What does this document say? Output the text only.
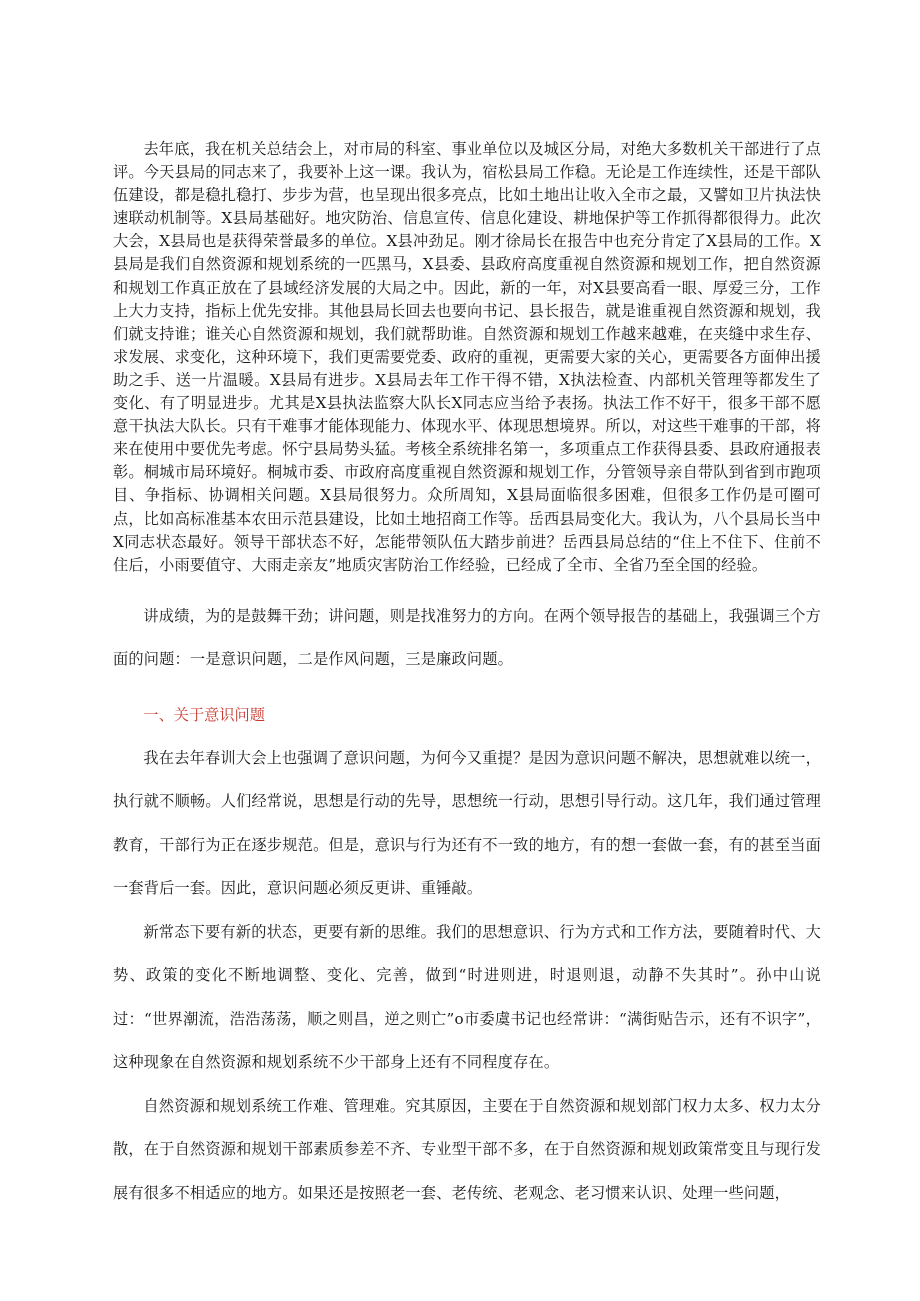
去年底，我在机关总结会上，对市局的科室、事业单位以及城区分局，对绝大多数机关干部进行了点评。今天县局的同志来了，我要补上这一课。我认为，宿松县局工作稳。无论是工作连续性，还是干部队伍建设，都是稳扎稳打、步步为营，也呈现出很多亮点，比如土地出让收入全市之最，又譬如卫片执法快速联动机制等。X县局基础好。地灾防治、信息宣传、信息化建设、耕地保护等工作抓得都很得力。此次大会，X县局也是获得荣誉最多的单位。X县冲劲足。刚才徐局长在报告中也充分肯定了X县局的工作。X县局是我们自然资源和规划系统的一匹黑马，X县委、县政府高度重视自然资源和规划工作，把自然资源和规划工作真正放在了县域经济发展的大局之中。因此，新的一年，对X县要高看一眼、厚爱三分，工作上大力支持，指标上优先安排。其他县局长回去也要向书记、县长报告，就是谁重视自然资源和规划，我们就支持谁；谁关心自然资源和规划，我们就帮助谁。自然资源和规划工作越来越难，在夹缝中求生存、求发展、求变化，这种环境下，我们更需要党委、政府的重视，更需要大家的关心，更需要各方面伸出援助之手、送一片温暖。X县局有进步。X县局去年工作干得不错，X执法检查、内部机关管理等都发生了变化、有了明显进步。尤其是X县执法监察大队长X同志应当给予表扬。执法工作不好干，很多干部不愿意干执法大队长。只有干难事才能体现能力、体现水平、体现思想境界。所以，对这些干难事的干部，将来在使用中要优先考虑。怀宁县局势头猛。考核全系统排名第一，多项重点工作获得县委、县政府通报表彰。桐城市局环境好。桐城市委、市政府高度重视自然资源和规划工作，分管领导亲自带队到省到市跑项目、争指标、协调相关问题。X县局很努力。众所周知，X县局面临很多困难，但很多工作仍是可圈可点，比如高标准基本农田示范县建设，比如土地招商工作等。岳西县局变化大。我认为，八个县局长当中X同志状态最好。领导干部状态不好，怎能带领队伍大踏步前进？岳西县局总结的“住上不住下、住前不住后，小雨要值守、大雨走亲友”地质灾害防治工作经验，已经成了全市、全省乃至全国的经验。

讲成绩，为的是鼓舞干劲；讲问题，则是找准努力的方向。在两个领导报告的基础上，我强调三个方面的问题：一是意识问题，二是作风问题，三是廉政问题。

一、关于意识问题

我在去年春训大会上也强调了意识问题，为何今又重提？是因为意识问题不解决，思想就难以统一，执行就不顺畅。人们经常说，思想是行动的先导，思想统一行动，思想引导行动。这几年，我们通过管理教育，干部行为正在逐步规范。但是，意识与行为还有不一致的地方，有的想一套做一套，有的甚至当面一套背后一套。因此，意识问题必须反更讲、重锤敲。

新常态下要有新的状态，更要有新的思维。我们的思想意识、行为方式和工作方法，要随着时代、大势、政策的变化不断地调整、变化、完善，做到“时进则进，时退则退，动静不失其时”。孙中山说过：“世界潮流，浩浩荡荡，顺之则昌，逆之则亡”o市委虞书记也经常讲：“满街贴告示，还有不识字”，这种现象在自然资源和规划系统不少干部身上还有不同程度存在。

自然资源和规划系统工作难、管理难。究其原因，主要在于自然资源和规划部门权力太多、权力太分散，在于自然资源和规划干部素质参差不齐、专业型干部不多，在于自然资源和规划政策常变且与现行发展有很多不相适应的地方。如果还是按照老一套、老传统、老观念、老习惯来认识、处理一些问题，
